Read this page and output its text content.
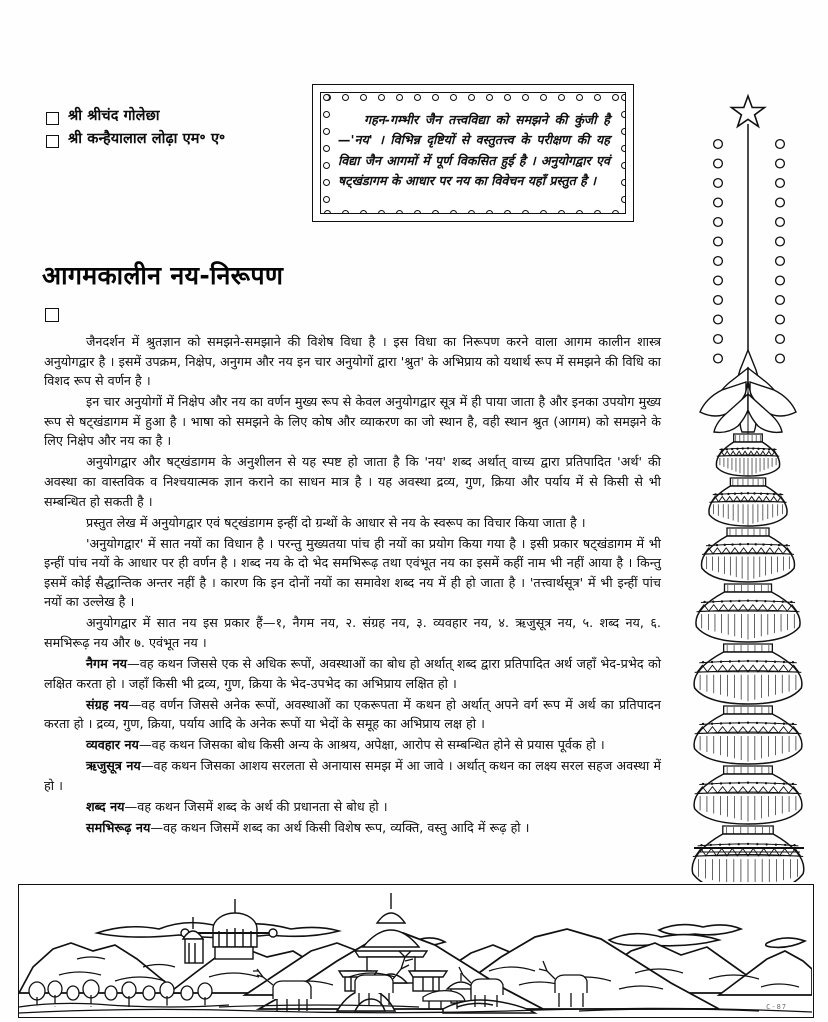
श्री श्रीचंद गोलेछा
श्री कन्हैयालाल लोढ़ा एम॰ ए॰
गहन-गम्भीर जैन तत्त्वविद्या को समझने की कुंजी है—'नय' । विभिन्न दृष्टियों से वस्तुतत्त्व के परीक्षण की यह विद्या जैन आगमों में पूर्ण विकसित हुई है । अनुयोगद्वार एवं षट्खंडागम के आधार पर नय का विवेचन यहाँ प्रस्तुत है ।
आगमकालीन नय-निरूपण

जैनदर्शन में श्रुतज्ञान को समझने-समझाने की विशेष विधा है । इस विधा का निरूपण करने वाला आगम कालीन शास्त्र अनुयोगद्वार है । इसमें उपक्रम, निक्षेप, अनुगम और नय इन चार अनुयोगों द्वारा 'श्रुत' के अभिप्राय को यथार्थ रूप में समझने की विधि का विशद रूप से वर्णन है ।

इन चार अनुयोगों में निक्षेप और नय का वर्णन मुख्य रूप से केवल अनुयोगद्वार सूत्र में ही पाया जाता है और इनका उपयोग मुख्य रूप से षट्खंडागम में हुआ है । भाषा को समझने के लिए कोष और व्याकरण का जो स्थान है, वही स्थान श्रुत (आगम) को समझने के लिए निक्षेप और नय का है ।

अनुयोगद्वार और षट्खंडागम के अनुशीलन से यह स्पष्ट हो जाता है कि 'नय' शब्द अर्थात् वाच्य द्वारा प्रतिपादित 'अर्थ' की अवस्था का वास्तविक व निश्चयात्मक ज्ञान कराने का साधन मात्र है । यह अवस्था द्रव्य, गुण, क्रिया और पर्याय में से किसी से भी सम्बन्धित हो सकती है ।

प्रस्तुत लेख में अनुयोगद्वार एवं षट्खंडागम इन्हीं दो ग्रन्थों के आधार से नय के स्वरूप का विचार किया जाता है ।

'अनुयोगद्वार' में सात नयों का विधान है । परन्तु मुख्यतया पांच ही नयों का प्रयोग किया गया है । इसी प्रकार षट्खंडागम में भी इन्हीं पांच नयों के आधार पर ही वर्णन है । शब्द नय के दो भेद समभिरूढ़ तथा एवंभूत नय का इसमें कहीं नाम भी नहीं आया है । किन्तु इसमें कोई सैद्धान्तिक अन्तर नहीं है । कारण कि इन दोनों नयों का समावेश शब्द नय में ही हो जाता है । 'तत्त्वार्थसूत्र' में भी इन्हीं पांच नयों का उल्लेख है ।

अनुयोगद्वार में सात नय इस प्रकार हैं—१, नैगम नय, २. संग्रह नय, ३. व्यवहार नय, ४. ऋजुसूत्र नय, ५. शब्द नय, ६. समभिरूढ़ नय और ७. एवंभूत नय ।

नैगम नय—वह कथन जिससे एक से अधिक रूपों, अवस्थाओं का बोध हो अर्थात् शब्द द्वारा प्रतिपादित अर्थ जहाँ भेद-प्रभेद को लक्षित करता हो । जहाँ किसी भी द्रव्य, गुण, क्रिया के भेद-उपभेद का अभिप्राय लक्षित हो ।

संग्रह नय—वह वर्णन जिससे अनेक रूपों, अवस्थाओं का एकरूपता में कथन हो अर्थात् अपने वर्ग रूप में अर्थ का प्रतिपादन करता हो । द्रव्य, गुण, क्रिया, पर्याय आदि के अनेक रूपों या भेदों के समूह का अभिप्राय लक्ष हो ।

व्यवहार नय—वह कथन जिसका बोध किसी अन्य के आश्रय, अपेक्षा, आरोप से सम्बन्धित होने से प्रयास पूर्वक हो ।

ऋजुसूत्र नय—वह कथन जिसका आशय सरलता से अनायास समझ में आ जावे । अर्थात् कथन का लक्ष्य सरल सहज अवस्था में हो ।

शब्द नय—वह कथन जिसमें शब्द के अर्थ की प्रधानता से बोध हो ।

समभिरूढ़ नय—वह कथन जिसमें शब्द का अर्थ किसी विशेष रूप, व्यक्ति, वस्तु आदि में रूढ़ हो ।

C-87
